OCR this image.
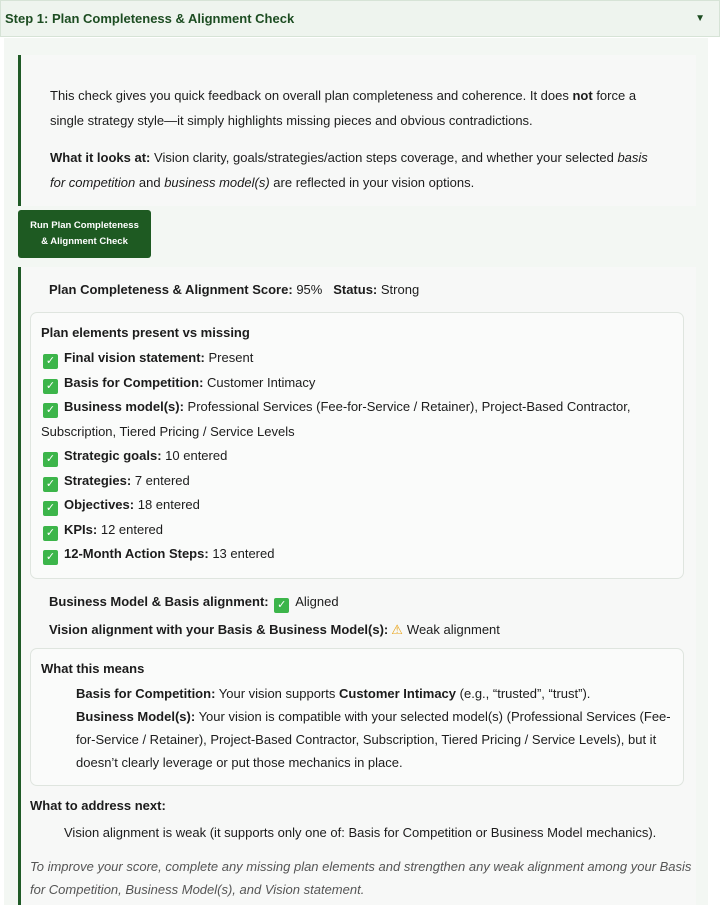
Step 1: Plan Completeness & Alignment Check	▼

This check gives you quick feedback on overall plan completeness and coherence. It does not force a single strategy style—it simply highlights missing pieces and obvious contradictions.

What it looks at: Vision clarity, goals/strategies/action steps coverage, and whether your selected basis for competition and business model(s) are reflected in your vision options.

Run Plan Completeness & Alignment Check
Plan Completeness & Alignment Score: 95% Status: Strong
Plan elements present vs missing
✓ Final vision statement: Present
✓ Basis for Competition: Customer Intimacy
✓ Business model(s): Professional Services (Fee-for-Service / Retainer), Project-Based Contractor, Subscription, Tiered Pricing / Service Levels
✓ Strategic goals: 10 entered
✓ Strategies: 7 entered
✓ Objectives: 18 entered
✓ KPIs: 12 entered
✓ 12-Month Action Steps: 13 entered
Business Model & Basis alignment: ✓ Aligned
Vision alignment with your Basis & Business Model(s): ⚠ Weak alignment
What this means

Basis for Competition: Your vision supports Customer Intimacy (e.g., “trusted”, “trust”).

Business Model(s): Your vision is compatible with your selected model(s) (Professional Services (Fee-for-Service / Retainer), Project-Based Contractor, Subscription, Tiered Pricing / Service Levels), but it doesn’t clearly leverage or put those mechanics in place.

What to address next:
Vision alignment is weak (it supports only one of: Basis for Competition or Business Model mechanics).
To improve your score, complete any missing plan elements and strengthen any weak alignment among your Basis for Competition, Business Model(s), and Vision statement.
